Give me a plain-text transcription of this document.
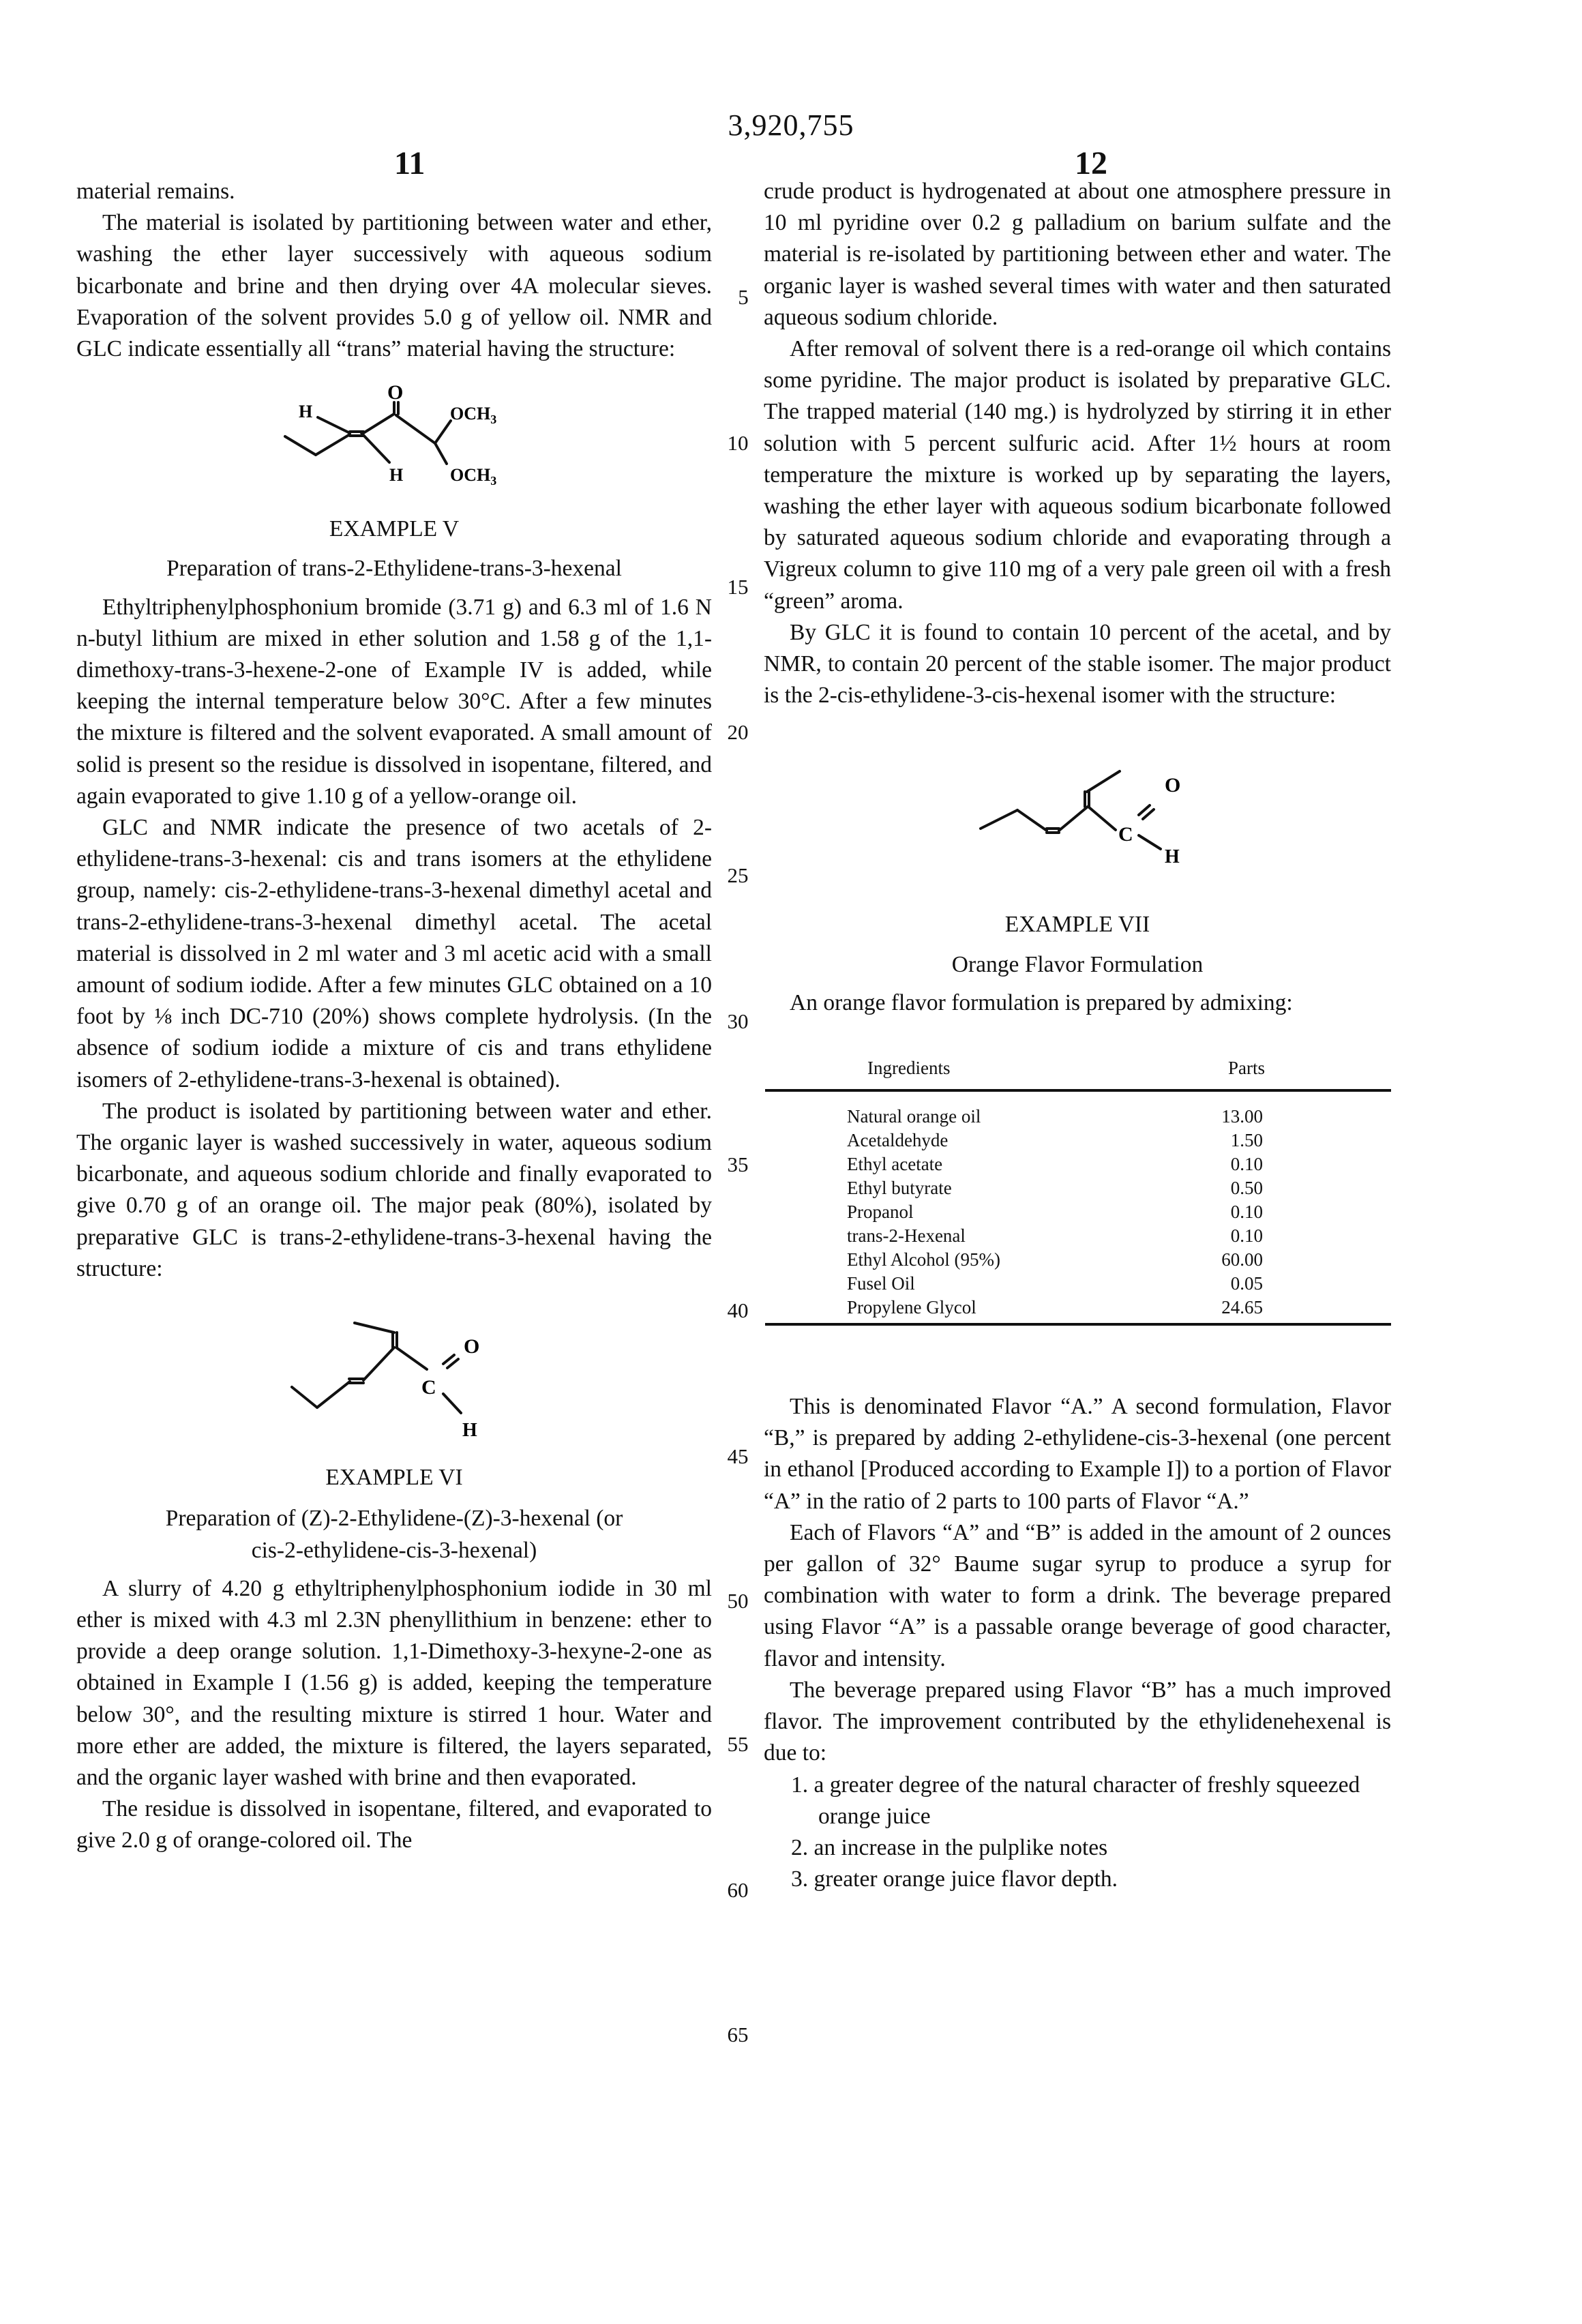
3,920,755
11	12

material remains.

The material is isolated by partitioning between water and ether, washing the ether layer successively with aqueous sodium bicarbonate and brine and then drying over 4A molecular sieves. Evaporation of the solvent provides 5.0 g of yellow oil. NMR and GLC indicate essentially all “trans” material having the structure:

O
H
H
$OCH_3$
$OCH_3$

EXAMPLE V

Preparation of trans-2-Ethylidene-trans-3-hexenal

Ethyltriphenylphosphonium bromide (3.71 g) and 6.3 ml of 1.6 N n-butyl lithium are mixed in ether solution and 1.58 g of the 1,1-dimethoxy-trans-3-hexene-2-one of Example IV is added, while keeping the internal temperature below 30°C. After a few minutes the mixture is filtered and the solvent evaporated. A small amount of solid is present so the residue is dissolved in isopentane, filtered, and again evaporated to give 1.10 g of a yellow-orange oil.

GLC and NMR indicate the presence of two acetals of 2-ethylidene-trans-3-hexenal: cis and trans isomers at the ethylidene group, namely: cis-2-ethylidene-trans-3-hexenal dimethyl acetal and trans-2-ethylidene-trans-3-hexenal dimethyl acetal. The acetal material is dissolved in 2 ml water and 3 ml acetic acid with a small amount of sodium iodide. After a few minutes GLC obtained on a 10 foot by ⅛ inch DC-710 (20%) shows complete hydrolysis. (In the absence of sodium iodide a mixture of cis and trans ethylidene isomers of 2-ethylidene-trans-3-hexenal is obtained).

The product is isolated by partitioning between water and ether. The organic layer is washed successively in water, aqueous sodium bicarbonate, and aqueous sodium chloride and finally evaporated to give 0.70 g of an orange oil. The major peak (80%), isolated by preparative GLC is trans-2-ethylidene-trans-3-hexenal having the structure:

O
C
H

EXAMPLE VI

Preparation of (Z)-2-Ethylidene-(Z)-3-hexenal (or

cis-2-ethylidene-cis-3-hexenal)

A slurry of 4.20 g ethyltriphenylphosphonium iodide in 30 ml ether is mixed with 4.3 ml 2.3N phenyllithium in benzene: ether to provide a deep orange solution. 1,1-Dimethoxy-3-hexyne-2-one as obtained in Example I (1.56 g) is added, keeping the temperature below 30°, and the resulting mixture is stirred 1 hour. Water and more ether are added, the mixture is filtered, the layers separated, and the organic layer washed with brine and then evaporated.

The residue is dissolved in isopentane, filtered, and evaporated to give 2.0 g of orange-colored oil. The

5
10
15
20
25
30
35
40
45
50
55
60
65

crude product is hydrogenated at about one atmosphere pressure in 10 ml pyridine over 0.2 g palladium on barium sulfate and the material is re-isolated by partitioning between ether and water. The organic layer is washed several times with water and then saturated aqueous sodium chloride.

After removal of solvent there is a red-orange oil which contains some pyridine. The major product is isolated by preparative GLC. The trapped material (140 mg.) is hydrolyzed by stirring it in ether solution with 5 percent sulfuric acid. After 1½ hours at room temperature the mixture is worked up by separating the layers, washing the ether layer with aqueous sodium bicarbonate followed by saturated aqueous sodium chloride and evaporating through a Vigreux column to give 110 mg of a very pale green oil with a fresh “green” aroma.

By GLC it is found to contain 10 percent of the acetal, and by NMR, to contain 20 percent of the stable isomer. The major product is the 2-cis-ethylidene-3-cis-hexenal isomer with the structure:

O
C
H

EXAMPLE VII

Orange Flavor Formulation

An orange flavor formulation is prepared by admixing:

Ingredients	Parts
Natural orange oil	13.00
Acetaldehyde	1.50
Ethyl acetate	0.10
Ethyl butyrate	0.50
Propanol	0.10
trans-2-Hexenal	0.10
Ethyl Alcohol (95%)	60.00
Fusel Oil	0.05
Propylene Glycol	24.65

This is denominated Flavor “A.” A second formulation, Flavor “B,” is prepared by adding 2-ethylidene-cis-3-hexenal (one percent in ethanol [Produced according to Example I]) to a portion of Flavor “A” in the ratio of 2 parts to 100 parts of Flavor “A.”

Each of Flavors “A” and “B” is added in the amount of 2 ounces per gallon of 32° Baume sugar syrup to produce a syrup for combination with water to form a drink. The beverage prepared using Flavor “A” is a passable orange beverage of good character, flavor and intensity.

The beverage prepared using Flavor “B” has a much improved flavor. The improvement contributed by the ethylidenehexenal is due to:

1. a greater degree of the natural character of freshly squeezed orange juice
2. an increase in the pulplike notes
3. greater orange juice flavor depth.
